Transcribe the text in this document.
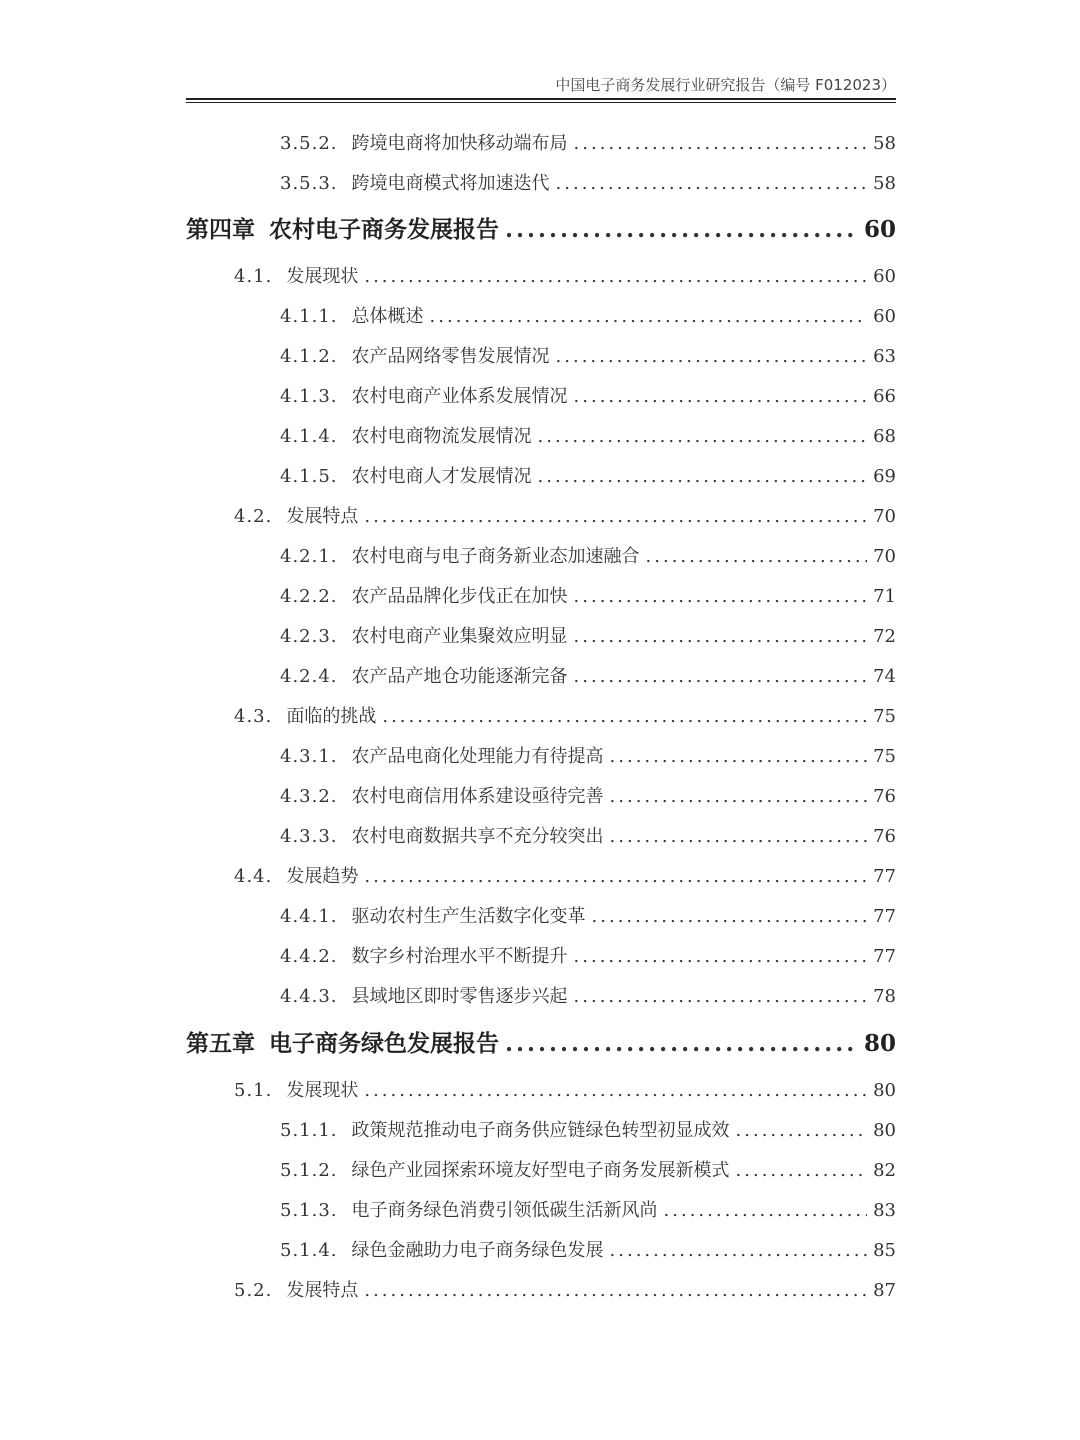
中国电子商务发展行业研究报告（编号 F012023）
3.5.2. 跨境电商将加快移动端布局 .....	58
3.5.3. 跨境电商模式将加速迭代 .....	58
第四章 农村电子商务发展报告 .....	60
4.1. 发展现状 .....	60
4.1.1. 总体概述 .....	60
4.1.2. 农产品网络零售发展情况 .....	63
4.1.3. 农村电商产业体系发展情况 .....	66
4.1.4. 农村电商物流发展情况 .....	68
4.1.5. 农村电商人才发展情况 .....	69
4.2. 发展特点 .....	70
4.2.1. 农村电商与电子商务新业态加速融合 .....	70
4.2.2. 农产品品牌化步伐正在加快 .....	71
4.2.3. 农村电商产业集聚效应明显 .....	72
4.2.4. 农产品产地仓功能逐渐完备 .....	74
4.3. 面临的挑战 .....	75
4.3.1. 农产品电商化处理能力有待提高 .....	75
4.3.2. 农村电商信用体系建设亟待完善 .....	76
4.3.3. 农村电商数据共享不充分较突出 .....	76
4.4. 发展趋势 .....	77
4.4.1. 驱动农村生产生活数字化变革 .....	77
4.4.2. 数字乡村治理水平不断提升 .....	77
4.4.3. 县域地区即时零售逐步兴起 .....	78
第五章 电子商务绿色发展报告 .....	80
5.1. 发展现状 .....	80
5.1.1. 政策规范推动电子商务供应链绿色转型初显成效 .....	80
5.1.2. 绿色产业园探索环境友好型电子商务发展新模式 .....	82
5.1.3. 电子商务绿色消费引领低碳生活新风尚 .....	83
5.1.4. 绿色金融助力电子商务绿色发展 .....	85
5.2. 发展特点 .....	87
